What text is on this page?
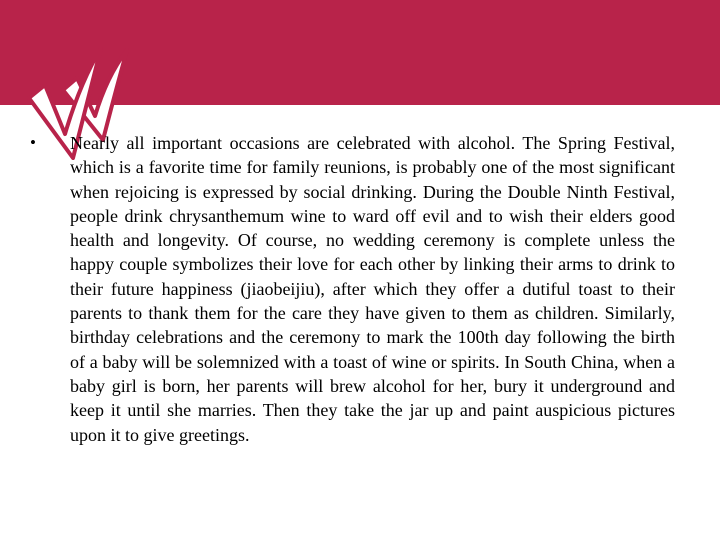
•	Nearly all important occasions are celebrated with alcohol. The Spring Festival, which is a favorite time for family reunions, is probably one of the most significant when rejoicing is expressed by social drinking. During the Double Ninth Festival, people drink chrysanthemum wine to ward off evil and to wish their elders good health and longevity. Of course, no wedding ceremony is complete unless the happy couple symbolizes their love for each other by linking their arms to drink to their future happiness (jiaobeijiu), after which they offer a dutiful toast to their parents to thank them for the care they have given to them as children. Similarly, birthday celebrations and the ceremony to mark the 100th day following the birth of a baby will be solemnized with a toast of wine or spirits. In South China, when a baby girl is born, her parents will brew alcohol for her, bury it underground and keep it until she marries. Then they take the jar up and paint auspicious pictures upon it to give greetings.
